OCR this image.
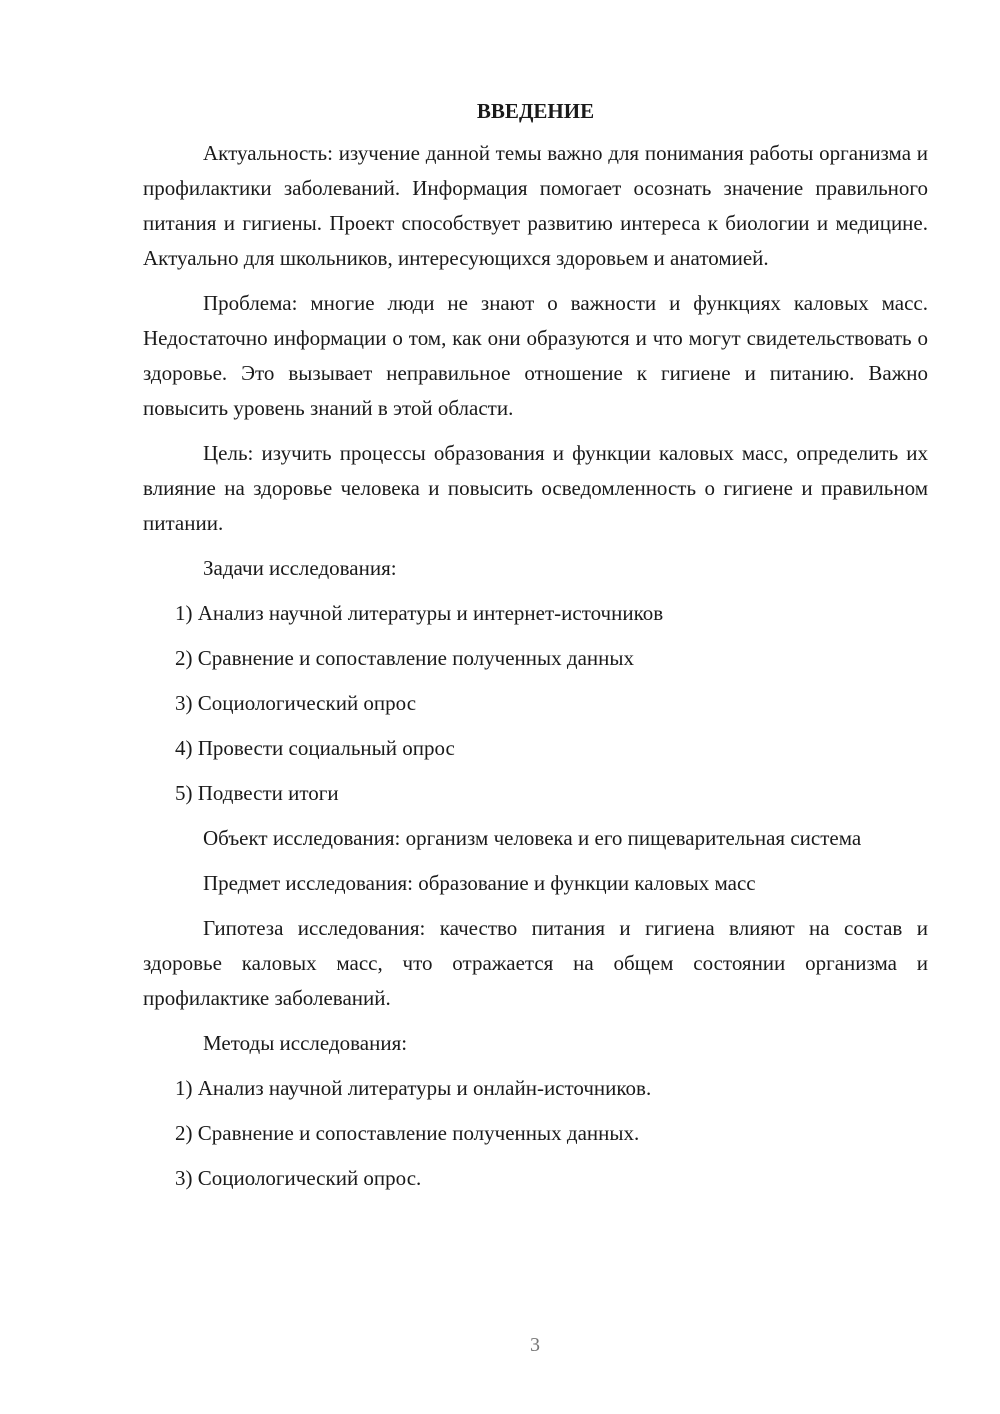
ВВЕДЕНИЕ

Актуальность: изучение данной темы важно для понимания работы организма и профилактики заболеваний. Информация помогает осознать значение правильного питания и гигиены. Проект способствует развитию интереса к биологии и медицине. Актуально для школьников, интересующихся здоровьем и анатомией.

Проблема: многие люди не знают о важности и функциях каловых масс. Недостаточно информации о том, как они образуются и что могут свидетельствовать о здоровье. Это вызывает неправильное отношение к гигиене и питанию. Важно повысить уровень знаний в этой области.

Цель: изучить процессы образования и функции каловых масс, определить их влияние на здоровье человека и повысить осведомленность о гигиене и правильном питании.

Задачи исследования:

1) Анализ научной литературы и интернет-источников
2) Сравнение и сопоставление полученных данных
3) Социологический опрос
4) Провести социальный опрос
5) Подвести итоги

Объект исследования: организм человека и его пищеварительная система

Предмет исследования: образование и функции каловых масс

Гипотеза исследования: качество питания и гигиена влияют на состав и здоровье каловых масс, что отражается на общем состоянии организма и профилактике заболеваний.

Методы исследования:

1) Анализ научной литературы и онлайн-источников.
2) Сравнение и сопоставление полученных данных.
3) Социологический опрос.
3
